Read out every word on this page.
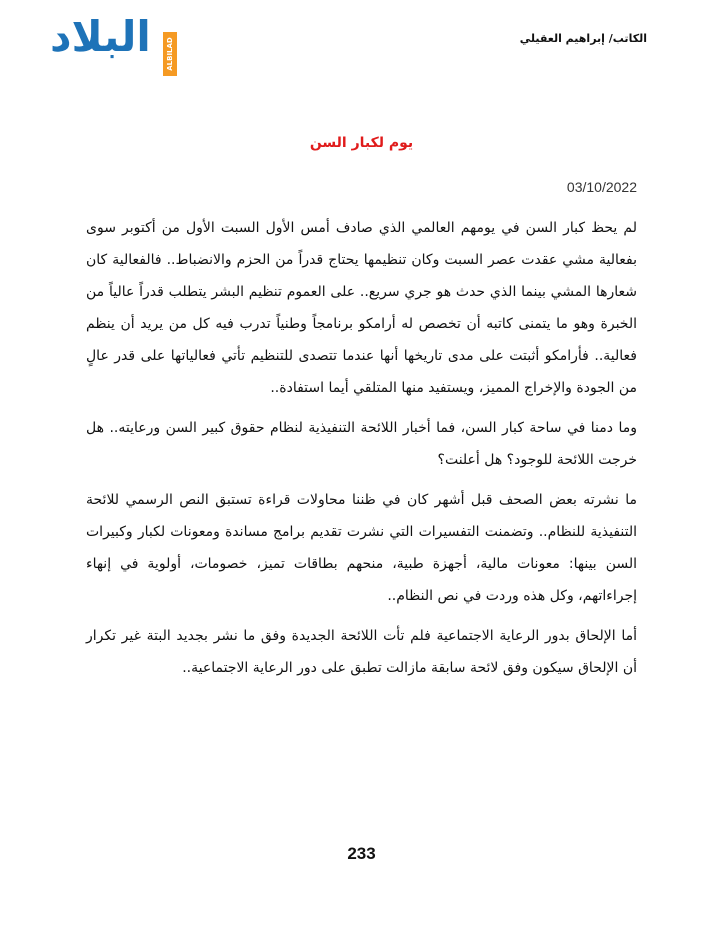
البلاد	ALBILAD TV
الكاتب/ إبراهيم العقيلي
يوم لكبار السن
03/10/2022

لم يحظ كبار السن في يومهم العالمي الذي صادف أمس الأول السبت الأول من أكتوبر سوى بفعالية مشي عقدت عصر السبت وكان تنظيمها يحتاج قدراً من الحزم والانضباط.. فالفعالية كان شعارها المشي بينما الذي حدث هو جري سريع.. على العموم تنظيم البشر يتطلب قدراً عالياً من الخبرة وهو ما يتمنى كاتبه أن تخصص له أرامكو برنامجاً وطنياً تدرب فيه كل من يريد أن ينظم فعالية.. فأرامكو أثبتت على مدى تاريخها أنها عندما تتصدى للتنظيم تأتي فعالياتها على قدر عالٍ من الجودة والإخراج المميز، ويستفيد منها المتلقي أيما استفادة..

وما دمنا في ساحة كبار السن، فما أخبار اللائحة التنفيذية لنظام حقوق كبير السن ورعايته.. هل خرجت اللائحة للوجود؟ هل أعلنت؟

ما نشرته بعض الصحف قبل أشهر كان في ظننا محاولات قراءة تستبق النص الرسمي للائحة التنفيذية للنظام.. وتضمنت التفسيرات التي نشرت تقديم برامج مساندة ومعونات لكبار وكبيرات السن بينها: معونات مالية، أجهزة طبية، منحهم بطاقات تميز، خصومات، أولوية في إنهاء إجراءاتهم، وكل هذه وردت في نص النظام..

أما الإلحاق بدور الرعاية الاجتماعية فلم تأت اللائحة الجديدة وفق ما نشر بجديد البتة غير تكرار أن الإلحاق سيكون وفق لائحة سابقة مازالت تطبق على دور الرعاية الاجتماعية..

233
